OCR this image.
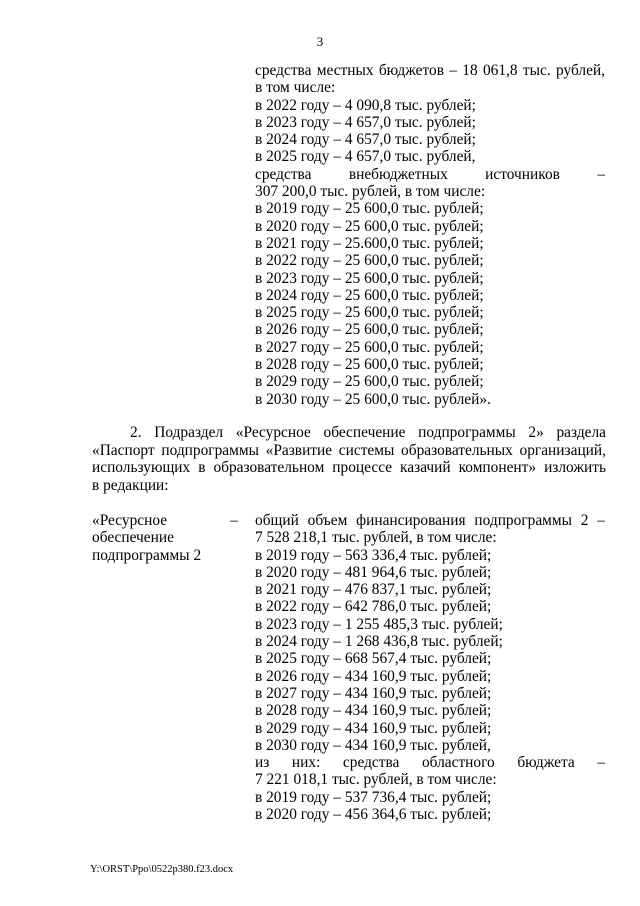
3
средства местных бюджетов – 18 061,8 тыс. рублей,
в том числе:
в 2022 году – 4 090,8 тыс. рублей;
в 2023 году – 4 657,0 тыс. рублей;
в 2024 году – 4 657,0 тыс. рублей;
в 2025 году – 4 657,0 тыс. рублей,
средства внебюджетных источников –
307 200,0 тыс. рублей, в том числе:
в 2019 году – 25 600,0 тыс. рублей;
в 2020 году – 25 600,0 тыс. рублей;
в 2021 году – 25.600,0 тыс. рублей;
в 2022 году – 25 600,0 тыс. рублей;
в 2023 году – 25 600,0 тыс. рублей;
в 2024 году – 25 600,0 тыс. рублей;
в 2025 году – 25 600,0 тыс. рублей;
в 2026 году – 25 600,0 тыс. рублей;
в 2027 году – 25 600,0 тыс. рублей;
в 2028 году – 25 600,0 тыс. рублей;
в 2029 году – 25 600,0 тыс. рублей;
в 2030 году – 25 600,0 тыс. рублей».
2. Подраздел «Ресурсное обеспечение подпрограммы 2» раздела
«Паспорт подпрограммы «Развитие системы образовательных организаций,
использующих в образовательном процессе казачий компонент» изложить
в редакции:
«Ресурсное
обеспечение
подпрограммы 2
– общий объем финансирования подпрограммы 2 –
7 528 218,1 тыс. рублей, в том числе:
в 2019 году – 563 336,4 тыс. рублей;
в 2020 году – 481 964,6 тыс. рублей;
в 2021 году – 476 837,1 тыс. рублей;
в 2022 году – 642 786,0 тыс. рублей;
в 2023 году – 1 255 485,3 тыс. рублей;
в 2024 году – 1 268 436,8 тыс. рублей;
в 2025 году – 668 567,4 тыс. рублей;
в 2026 году – 434 160,9 тыс. рублей;
в 2027 году – 434 160,9 тыс. рублей;
в 2028 году – 434 160,9 тыс. рублей;
в 2029 году – 434 160,9 тыс. рублей;
в 2030 году – 434 160,9 тыс. рублей,
из них: средства областного бюджета –
7 221 018,1 тыс. рублей, в том числе:
в 2019 году – 537 736,4 тыс. рублей;
в 2020 году – 456 364,6 тыс. рублей;
Y:\ORST\Ppo\0522p380.f23.docx
